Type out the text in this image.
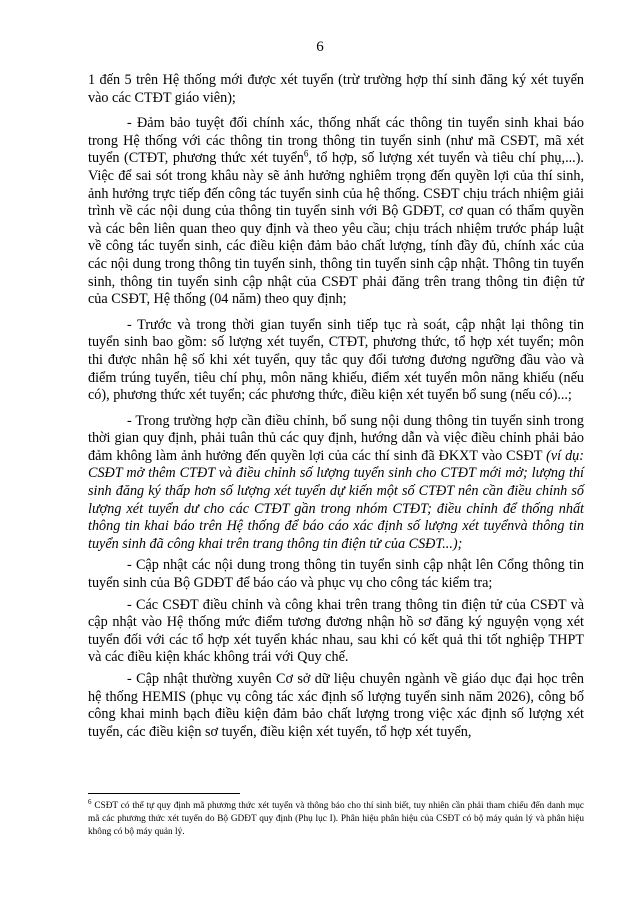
6

1 đến 5 trên Hệ thống mới được xét tuyển (trừ trường hợp thí sinh đăng ký xét tuyển vào các CTĐT giáo viên);

- Đảm bảo tuyệt đối chính xác, thống nhất các thông tin tuyển sinh khai báo trong Hệ thống với các thông tin trong thông tin tuyển sinh (như mã CSĐT, mã xét tuyển (CTĐT, phương thức xét tuyển$^6$, tổ hợp, số lượng xét tuyển và tiêu chí phụ,...). Việc để sai sót trong khâu này sẽ ảnh hưởng nghiêm trọng đến quyền lợi của thí sinh, ảnh hưởng trực tiếp đến công tác tuyển sinh của hệ thống. CSĐT chịu trách nhiệm giải trình về các nội dung của thông tin tuyển sinh với Bộ GDĐT, cơ quan có thẩm quyền và các bên liên quan theo quy định và theo yêu cầu; chịu trách nhiệm trước pháp luật về công tác tuyển sinh, các điều kiện đảm bảo chất lượng, tính đầy đủ, chính xác của các nội dung trong thông tin tuyển sinh, thông tin tuyển sinh cập nhật. Thông tin tuyển sinh, thông tin tuyển sinh cập nhật của CSĐT phải đăng trên trang thông tin điện tử của CSĐT, Hệ thống (04 năm) theo quy định;

- Trước và trong thời gian tuyển sinh tiếp tục rà soát, cập nhật lại thông tin tuyển sinh bao gồm: số lượng xét tuyển, CTĐT, phương thức, tổ hợp xét tuyển; môn thi được nhân hệ số khi xét tuyển, quy tắc quy đổi tương đương ngưỡng đầu vào và điểm trúng tuyển, tiêu chí phụ, môn năng khiếu, điểm xét tuyển môn năng khiếu (nếu có), phương thức xét tuyển; các phương thức, điều kiện xét tuyển bổ sung (nếu có)...;

- Trong trường hợp cần điều chỉnh, bổ sung nội dung thông tin tuyển sinh trong thời gian quy định, phải tuân thủ các quy định, hướng dẫn và việc điều chỉnh phải bảo đảm không làm ảnh hưởng đến quyền lợi của các thí sinh đã ĐKXT vào CSĐT (ví dụ: CSĐT mở thêm CTĐT và điều chỉnh số lượng tuyển sinh cho CTĐT mới mở; lượng thí sinh đăng ký thấp hơn số lượng xét tuyển dự kiến một số CTĐT nên cần điều chỉnh số lượng xét tuyển dư cho các CTĐT gần trong nhóm CTĐT; điều chỉnh để thống nhất thông tin khai báo trên Hệ thống để báo cáo xác định số lượng xét tuyểnvà thông tin tuyển sinh đã công khai trên trang thông tin điện tử của CSĐT...);

- Cập nhật các nội dung trong thông tin tuyển sinh cập nhật lên Cổng thông tin tuyển sinh của Bộ GDĐT để báo cáo và phục vụ cho công tác kiểm tra;

- Các CSĐT điều chỉnh và công khai trên trang thông tin điện tử của CSĐT và cập nhật vào Hệ thống mức điểm tương đương nhận hồ sơ đăng ký nguyện vọng xét tuyển đối với các tổ hợp xét tuyển khác nhau, sau khi có kết quả thi tốt nghiệp THPT và các điều kiện khác không trái với Quy chế.

- Cập nhật thường xuyên Cơ sở dữ liệu chuyên ngành về giáo dục đại học trên hệ thống HEMIS (phục vụ công tác xác định số lượng tuyển sinh năm 2026), công bố công khai minh bạch điều kiện đảm bảo chất lượng trong việc xác định số lượng xét tuyển, các điều kiện sơ tuyển, điều kiện xét tuyển, tổ hợp xét tuyển,

$^6$ CSĐT có thể tự quy định mã phương thức xét tuyển và thông báo cho thí sinh biết, tuy nhiên cần phải tham chiếu đến danh mục mã các phương thức xét tuyển do Bộ GDĐT quy định (Phụ lục I). Phân hiệu phân hiệu của CSĐT có bộ máy quản lý và phân hiệu không có bộ máy quản lý.
